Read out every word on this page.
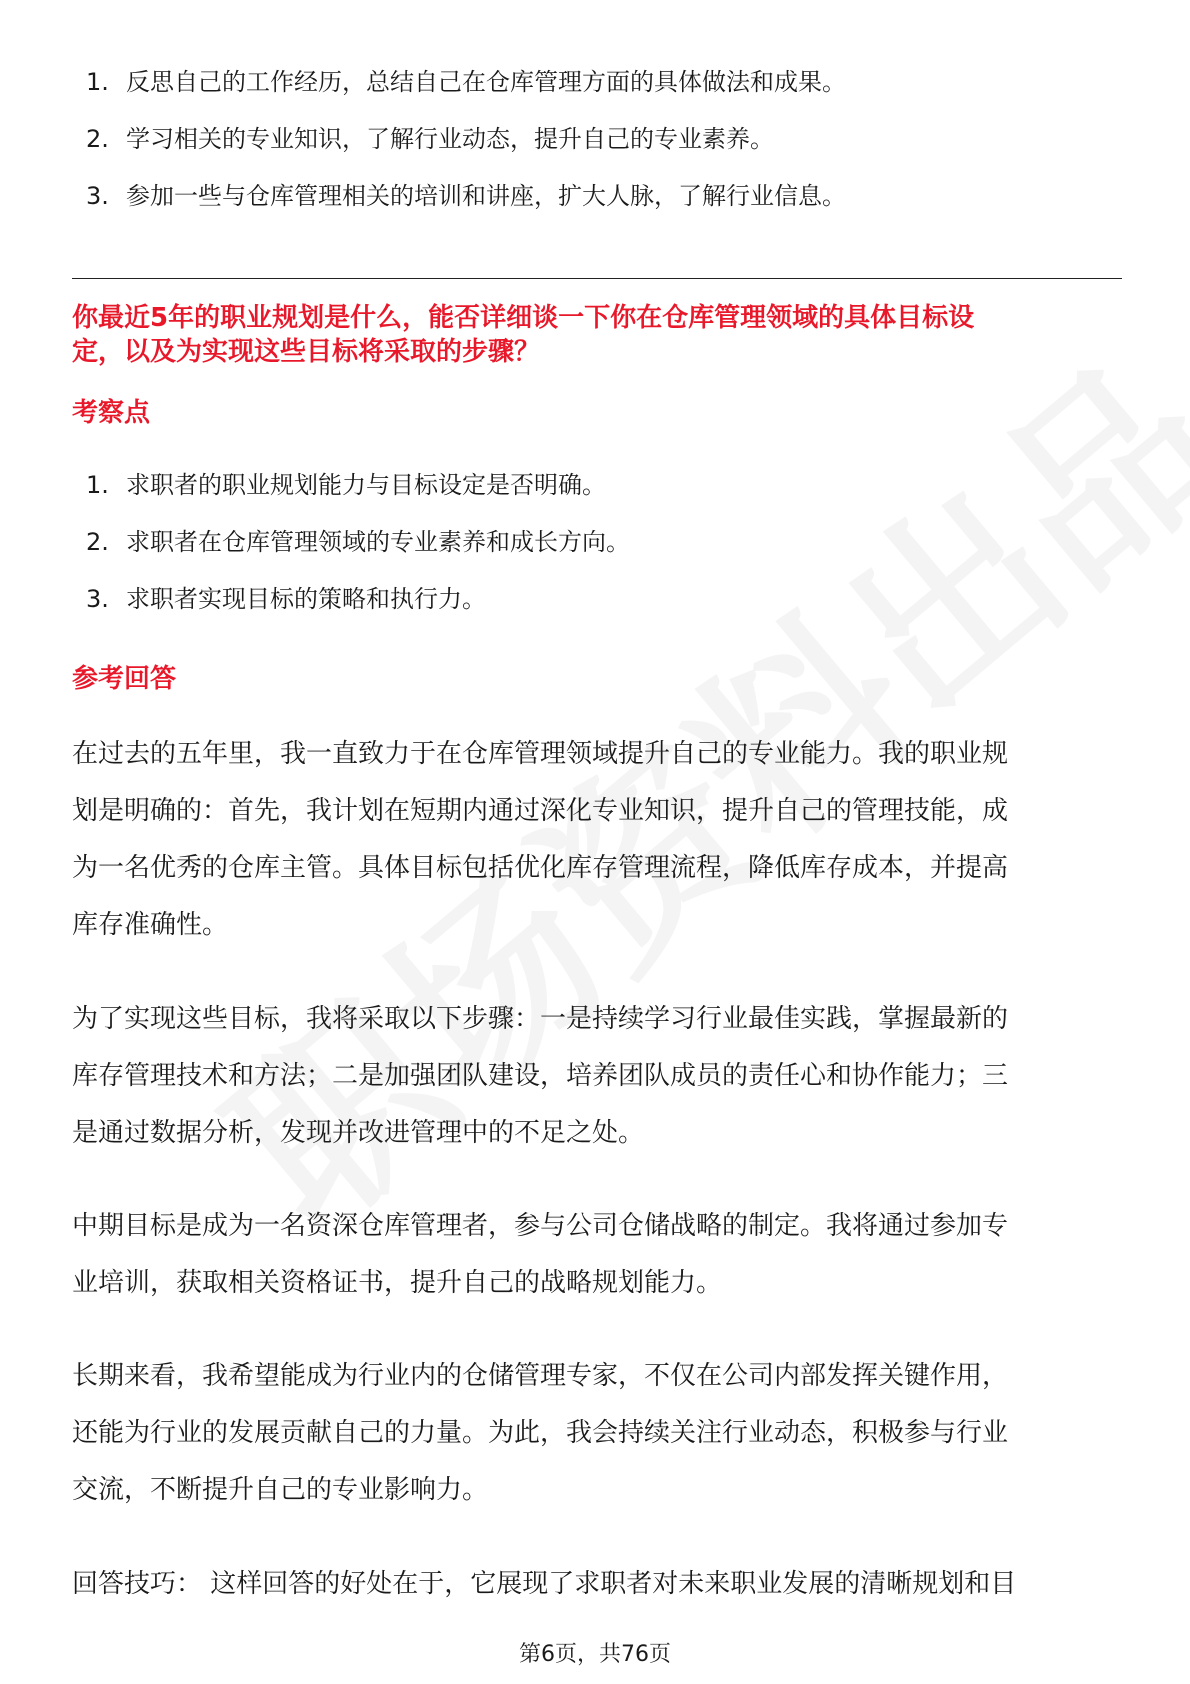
1. 反思自己的工作经历，总结自己在仓库管理方面的具体做法和成果。
2. 学习相关的专业知识，了解行业动态，提升自己的专业素养。
3. 参加一些与仓库管理相关的培训和讲座，扩大人脉，了解行业信息。
你最近5年的职业规划是什么，能否详细谈一下你在仓库管理领域的具体目标设
定，以及为实现这些目标将采取的步骤？
考察点
1. 求职者的职业规划能力与目标设定是否明确。
2. 求职者在仓库管理领域的专业素养和成长方向。
3. 求职者实现目标的策略和执行力。
参考回答

在过去的五年里，我一直致力于在仓库管理领域提升自己的专业能力。我的职业规
划是明确的：首先，我计划在短期内通过深化专业知识，提升自己的管理技能，成
为一名优秀的仓库主管。具体目标包括优化库存管理流程，降低库存成本，并提高
库存准确性。

为了实现这些目标，我将采取以下步骤：一是持续学习行业最佳实践，掌握最新的
库存管理技术和方法；二是加强团队建设，培养团队成员的责任心和协作能力；三
是通过数据分析，发现并改进管理中的不足之处。

中期目标是成为一名资深仓库管理者，参与公司仓储战略的制定。我将通过参加专
业培训，获取相关资格证书，提升自己的战略规划能力。

长期来看，我希望能成为行业内的仓储管理专家，不仅在公司内部发挥关键作用，
还能为行业的发展贡献自己的力量。为此，我会持续关注行业动态，积极参与行业
交流，不断提升自己的专业影响力。

回答技巧： 这样回答的好处在于，它展现了求职者对未来职业发展的清晰规划和目

第6页，共76页
